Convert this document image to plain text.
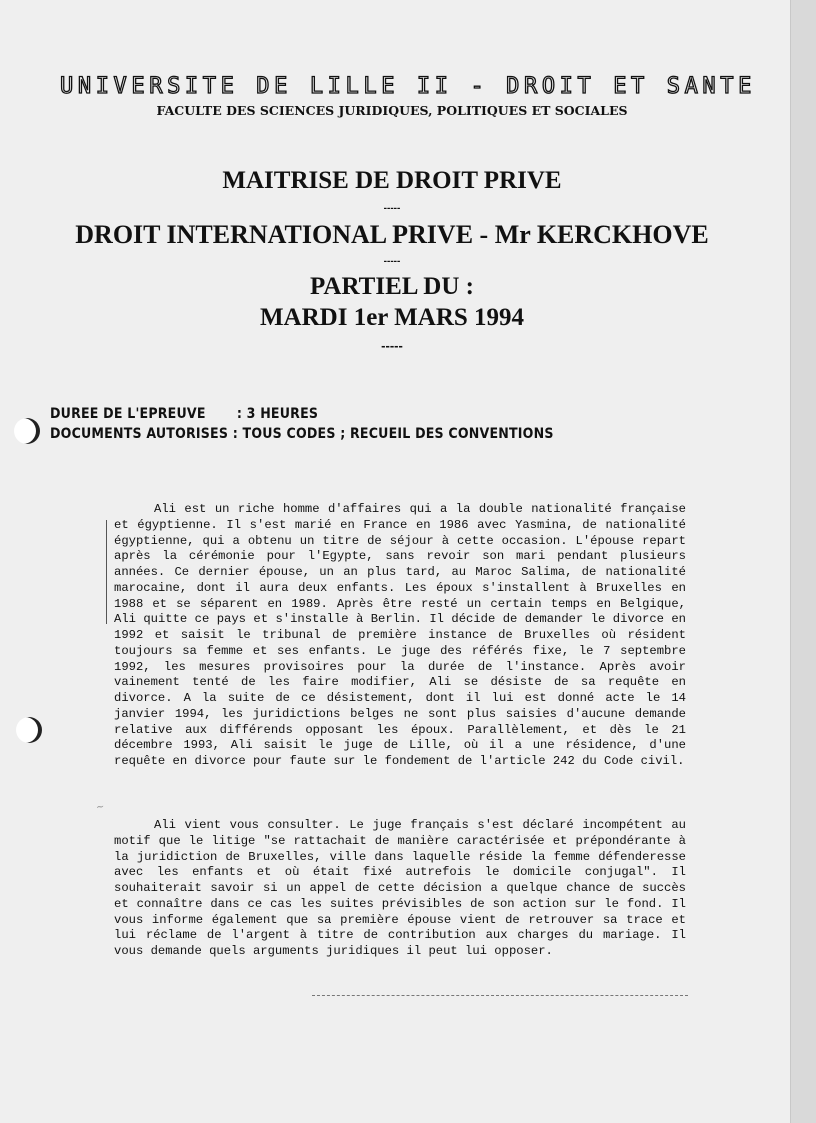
UNIVERSITE DE LILLE II - DROIT ET SANTE
FACULTE DES SCIENCES JURIDIQUES, POLITIQUES ET SOCIALES
MAITRISE DE DROIT PRIVE
-----
DROIT INTERNATIONAL PRIVE - Mr KERCKHOVE
-----
PARTIEL DU :
MARDI 1er MARS 1994
-----
DUREE DE L'EPREUVE : 3 HEURES
DOCUMENTS AUTORISES : TOUS CODES ; RECUEIL DES CONVENTIONS
~

Ali est un riche homme d'affaires qui a la double nationalité française et égyptienne. Il s'est marié en France en 1986 avec Yasmina, de nationalité égyptienne, qui a obtenu un titre de séjour à cette occasion. L'épouse repart après la cérémonie pour l'Egypte, sans revoir son mari pendant plusieurs années. Ce dernier épouse, un an plus tard, au Maroc Salima, de nationalité marocaine, dont il aura deux enfants. Les époux s'installent à Bruxelles en 1988 et se séparent en 1989. Après être resté un certain temps en Belgique, Ali quitte ce pays et s'installe à Berlin. Il décide de demander le divorce en 1992 et saisit le tribunal de première instance de Bruxelles où résident toujours sa femme et ses enfants. Le juge des référés fixe, le 7 septembre 1992, les mesures provisoires pour la durée de l'instance. Après avoir vainement tenté de les faire modifier, Ali se désiste de sa requête en divorce. A la suite de ce désistement, dont il lui est donné acte le 14 janvier 1994, les juridictions belges ne sont plus saisies d'aucune demande relative aux différends opposant les époux. Parallèlement, et dès le 21 décembre 1993, Ali saisit le juge de Lille, où il a une résidence, d'une requête en divorce pour faute sur le fondement de l'article 242 du Code civil.

Ali vient vous consulter. Le juge français s'est déclaré incompétent au motif que le litige "se rattachait de manière caractérisée et prépondérante à la juridiction de Bruxelles, ville dans laquelle réside la femme défenderesse avec les enfants et où était fixé autrefois le domicile conjugal". Il souhaiterait savoir si un appel de cette décision a quelque chance de succès et connaître dans ce cas les suites prévisibles de son action sur le fond. Il vous informe également que sa première épouse vient de retrouver sa trace et lui réclame de l'argent à titre de contribution aux charges du mariage. Il vous demande quels arguments juridiques il peut lui opposer.
